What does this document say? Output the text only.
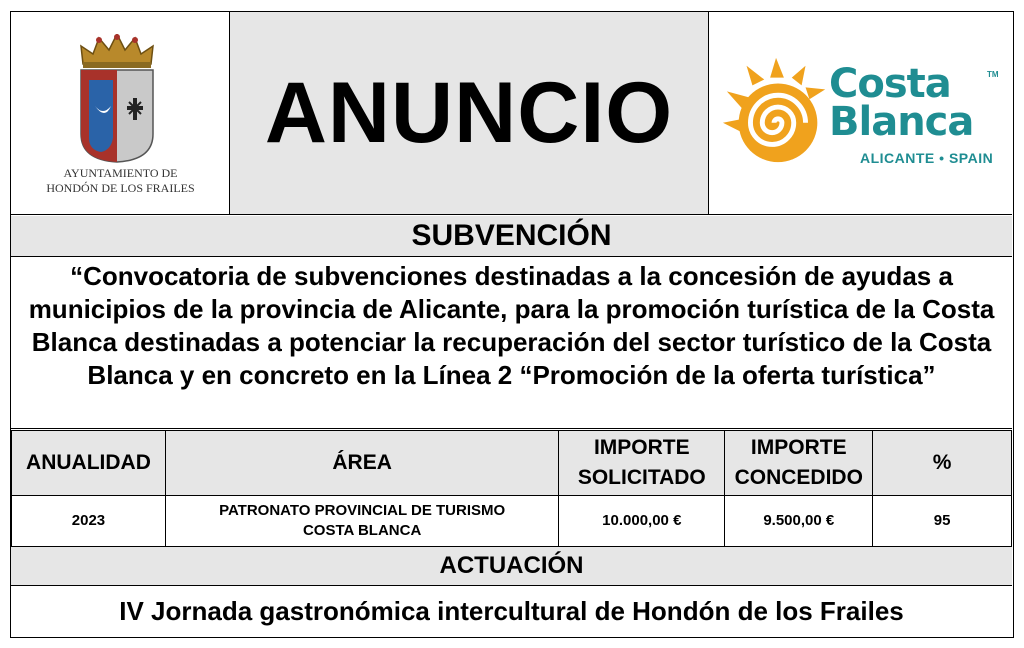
AYUNTAMIENTO DE
HONDÓN DE LOS FRAILES
ANUNCIO	Costa	TM
Blanca
ALICANTE • SPAIN
SUBVENCIÓN
“Convocatoria de subvenciones destinadas a la concesión de ayudas a municipios de la provincia de Alicante, para la promoción turística de la Costa Blanca destinadas a potenciar la recuperación del sector turístico de la Costa Blanca y en concreto en la Línea 2 “Promoción de la oferta turística”
ANUALIDAD	ÁREA	IMPORTE SOLICITADO	IMPORTE CONCEDIDO	%
2023	PATRONATO PROVINCIAL DE TURISMO COSTA BLANCA	10.000,00 €	9.500,00 €	95
ACTUACIÓN
IV Jornada gastronómica intercultural de Hondón de los Frailes
